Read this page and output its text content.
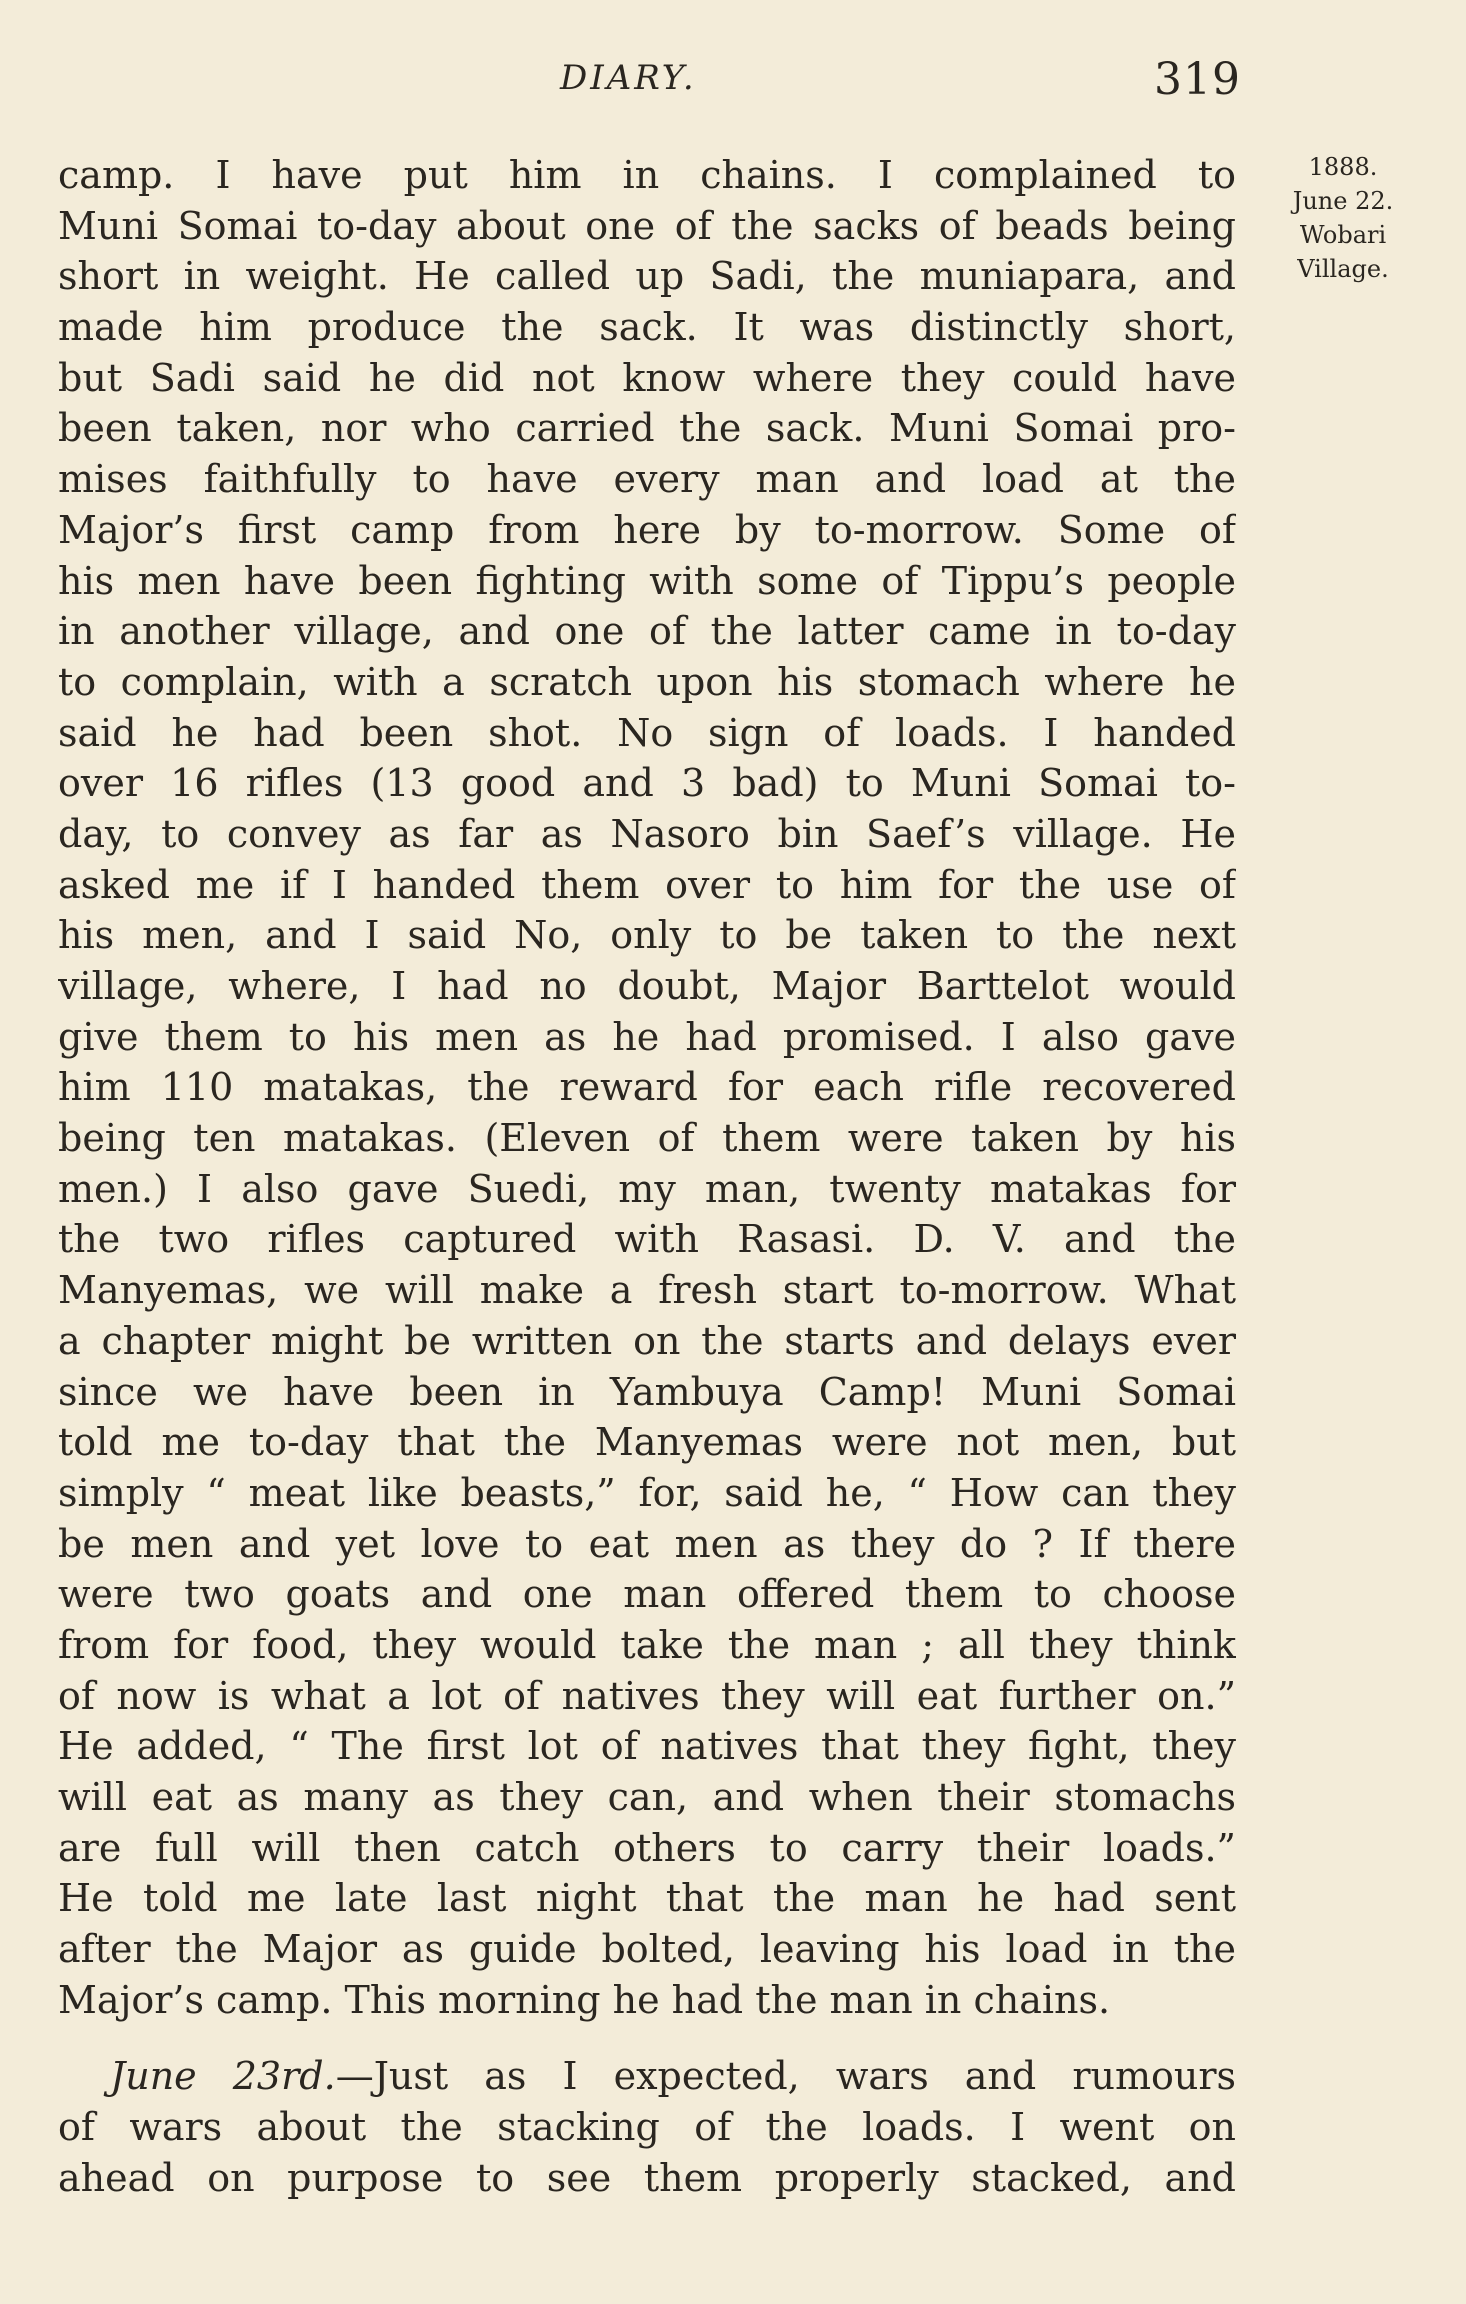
DIARY.	319
1888.
June 22.
Wobari
Village.
camp. I have put him in chains. I complained to
Muni Somai to-day about one of the sacks of beads being
short in weight. He called up Sadi, the muniapara, and
made him produce the sack. It was distinctly short,
but Sadi said he did not know where they could have
been taken, nor who carried the sack. Muni Somai pro-
mises faithfully to have every man and load at the
Major’s first camp from here by to-morrow. Some of
his men have been fighting with some of Tippu’s people
in another village, and one of the latter came in to-day
to complain, with a scratch upon his stomach where he
said he had been shot. No sign of loads. I handed
over 16 rifles (13 good and 3 bad) to Muni Somai to-
day, to convey as far as Nasoro bin Saef’s village. He
asked me if I handed them over to him for the use of
his men, and I said No, only to be taken to the next
village, where, I had no doubt, Major Barttelot would
give them to his men as he had promised. I also gave
him 110 matakas, the reward for each rifle recovered
being ten matakas. (Eleven of them were taken by his
men.) I also gave Suedi, my man, twenty matakas for
the two rifles captured with Rasasi. D. V. and the
Manyemas, we will make a fresh start to-morrow. What
a chapter might be written on the starts and delays ever
since we have been in Yambuya Camp! Muni Somai
told me to-day that the Manyemas were not men, but
simply “ meat like beasts,” for, said he, “ How can they
be men and yet love to eat men as they do ? If there
were two goats and one man offered them to choose
from for food, they would take the man ; all they think
of now is what a lot of natives they will eat further on.”
He added, “ The first lot of natives that they fight, they
will eat as many as they can, and when their stomachs
are full will then catch others to carry their loads.”
He told me late last night that the man he had sent
after the Major as guide bolted, leaving his load in the
Major’s camp. This morning he had the man in chains.
June 23rd.—Just as I expected, wars and rumours
of wars about the stacking of the loads. I went on
ahead on purpose to see them properly stacked, and
